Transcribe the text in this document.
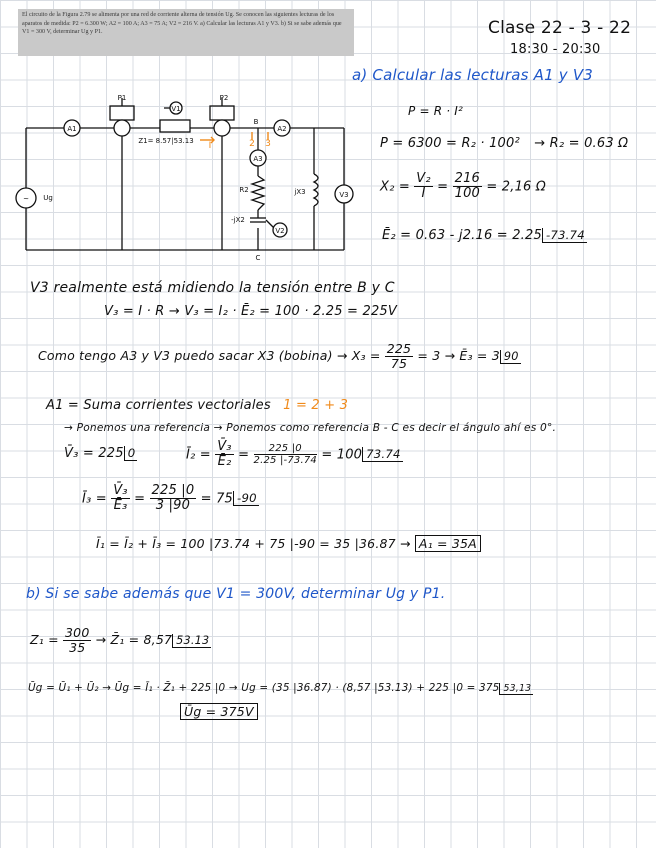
El circuito de la Figura 2.79 se alimenta por una red de corriente alterna de tensión Ug. Se conocen las siguientes lecturas de los aparatos de medida: P2 = 6.300 W; A2 = 100 A; A3 = 75 A; V2 = 216 V. a) Calcular las lecturas A1 y V3. b) Si se sabe además que V1 = 300 V, determinar Ug y P1.	Clase 22 - 3 - 22
18:30 - 20:30
a) Calcular las lecturas A1 y V3
A1
V1
A2
A3
V2
V3
~ Ug
P1	P2
Z1= 8.57|53.13
B
C
R2
-jX2
jX3
I	2 3
P = R · I²
P = 6300 = R₂ · 100² → R₂ = 0.63 Ω
$X_2 = \frac{\text{V₂}}{I} = \frac{216}{100} = 2,16$ Ω
Ē₂ = 0.63 - j2.16 = 2.25 -73.74
V3 realmente está midiendo la tensión entre B y C
V₃ = I · R → V₃ = I₂ · Ē₂ = 100 · 2.25 = 225V
Como tengo A3 y V3 puedo sacar X3 (bobina) → $X_3 = \frac{225}{75} = 3$ → Ē₃ = 3 90
A1 = Suma corrientes vectoriales 1 = 2 + 3
→ Ponemos una referencia → Ponemos como referencia B - C es decir el ángulo ahí es 0°.
V̄₃ = 225 0	Ī₂ = $\frac{\text{V̄₃}}{\text{Ē₂}} = \frac{225 |0}{2.25 |-73.74} = 100$ 73.74
Ī₃ = $\frac{\text{V̄₃}}{\text{Ē₃}} = \frac{225 |0}{3 |90} = 75$ -90
Ī₁ = Ī₂ + Ī₃ = 100 |73.74 + 75 |-90 = 35 |36.87 → A₁ = 35A
b) Si se sabe además que V1 = 300V, determinar Ug y P1.
$Z_1 = \frac{300}{35}$ → Z̄₁ = 8,57 53.13
Ūg = Ū₁ + Ū₂ → Ūg = Ī₁ · Z̄₁ + 225 |0 → Ug = (35 |36.87) · (8,57 |53.13) + 225 |0 = 375 53,13
Ūg = 375V
